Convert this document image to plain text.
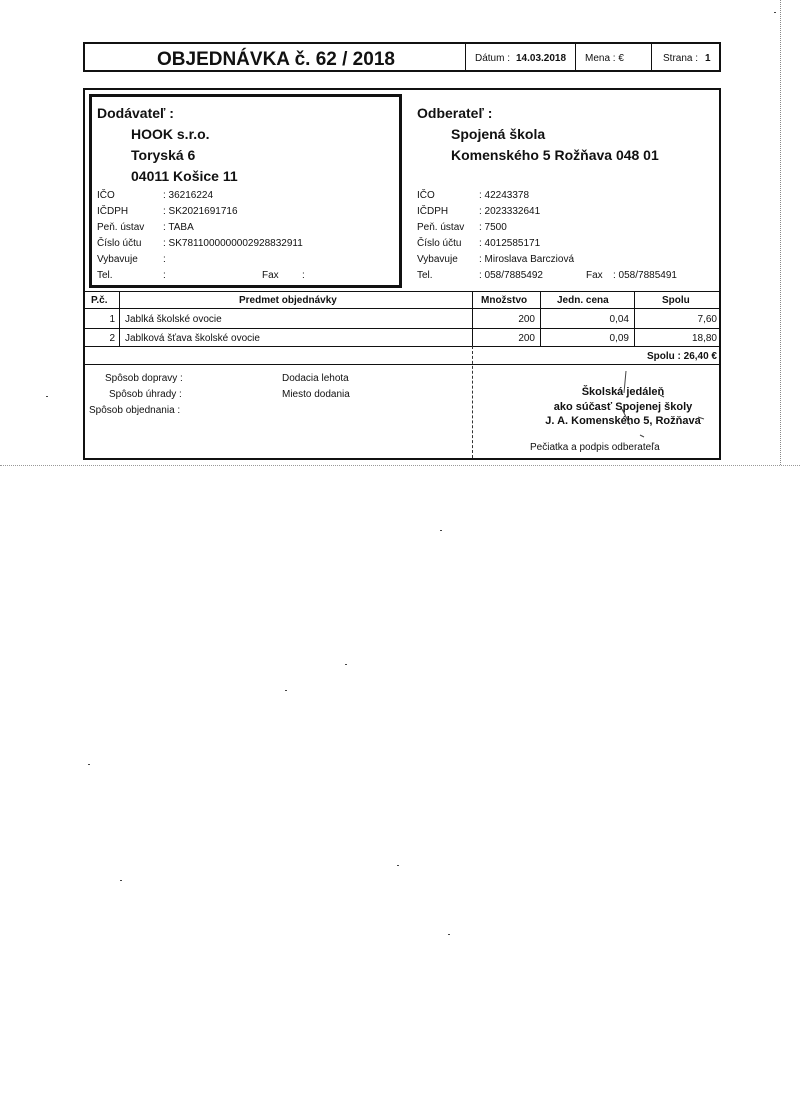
OBJEDNÁVKA č. 62 / 2018	Dátum : 14.03.2018 Mena : €	Strana : 1
Dodávateľ :
HOOK s.r.o.
Toryská 6
04011 Košice 11
IČO	: 36216224
IČDPH	: SK2021691716
Peň. ústav : TABA
Číslo účtu : SK7811000000002928832911
Vybavuje	:
Tel.	:	Fax :
Odberateľ :
Spojená škola
Komenského 5 Rožňava 048 01
IČO	: 42243378
IČDPH	: 2023332641
Peň. ústav : 7500
Číslo účtu : 4012585171
Vybavuje : Miroslava Barcziová
Tel.	: 058/7885492	Fax : 058/7885491
P.č.	Predmet objednávky	Množstvo	Jedn. cena	Spolu
1 Jablká školské ovocie	200	0,04	7,60
2 Jablková šťava školské ovocie	200	0,09	18,80
Spolu : 26,40 €
Spôsob dopravy :
Spôsob úhrady :
Spôsob objednania :
Dodacia lehota
Miesto dodania	Školská jedáleň
ako súčasť Spojenej školy
J. A. Komenského 5, Rožňava
Pečiatka a podpis odberateľa
